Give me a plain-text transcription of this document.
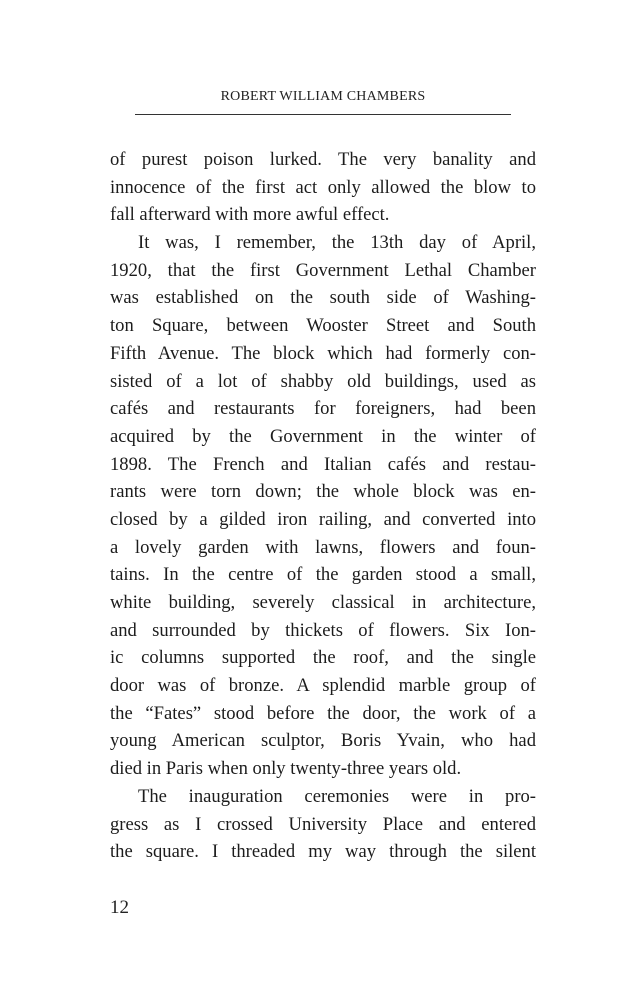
ROBERT WILLIAM CHAMBERS
of purest poison lurked. The very banality and
innocence of the first act only allowed the blow to
fall afterward with more awful effect.
It was, I remember, the 13th day of April,
1920, that the first Government Lethal Chamber
was established on the south side of Washing-
ton Square, between Wooster Street and South
Fifth Avenue. The block which had formerly con-
sisted of a lot of shabby old buildings, used as
cafés and restaurants for foreigners, had been
acquired by the Government in the winter of
1898. The French and Italian cafés and restau-
rants were torn down; the whole block was en-
closed by a gilded iron railing, and converted into
a lovely garden with lawns, flowers and foun-
tains. In the centre of the garden stood a small,
white building, severely classical in architecture,
and surrounded by thickets of flowers. Six Ion-
ic columns supported the roof, and the single
door was of bronze. A splendid marble group of
the “Fates” stood before the door, the work of a
young American sculptor, Boris Yvain, who had
died in Paris when only twenty-three years old.
The inauguration ceremonies were in pro-
gress as I crossed University Place and entered
the square. I threaded my way through the silent
12
